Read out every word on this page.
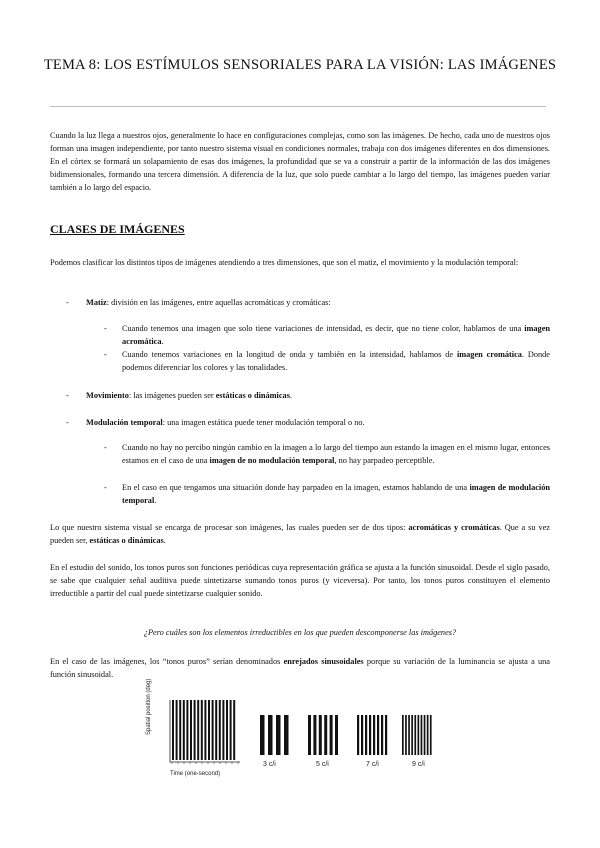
TEMA 8: LOS ESTÍMULOS SENSORIALES PARA LA VISIÓN: LAS IMÁGENES

Cuando la luz llega a nuestros ojos, generalmente lo hace en configuraciones complejas, como son las imágenes. De hecho, cada uno de nuestros ojos forman una imagen independiente, por tanto nuestro sistema visual en condiciones normales, trabaja con dos imágenes diferentes en dos dimensiones. En el córtex se formará un solapamiento de esas dos imágenes, la profundidad que se va a construir a partir de la información de las dos imágenes bidimensionales, formando una tercera dimensión. A diferencia de la luz, que solo puede cambiar a lo largo del tiempo, las imágenes pueden variar también a lo largo del espacio.

CLASES DE IMÁGENES

Podemos clasificar los distintos tipos de imágenes atendiendo a tres dimensiones, que son el matiz, el movimiento y la modulación temporal:

- Matiz: división en las imágenes, entre aquellas acromáticas y cromáticas:

- Cuando tenemos una imagen que solo tiene variaciones de intensidad, es decir, que no tiene color, hablamos de una imagen acromática.

- Cuando tenemos variaciones en la longitud de onda y también en la intensidad, hablamos de imagen cromática. Donde podemos diferenciar los colores y las tonalidades.

- Movimiento: las imágenes pueden ser estáticas o dinámicas.

- Modulación temporal: una imagen estática puede tener modulación temporal o no.

- Cuando no hay no percibo ningún cambio en la imagen a lo largo del tiempo aun estando la imagen en el mismo lugar, entonces estamos en el caso de una imagen de no modulación temporal, no hay parpadeo perceptible.

- En el caso en que tengamos una situación donde hay parpadeo en la imagen, estamos hablando de una imagen de modulación temporal.

Lo que nuestro sistema visual se encarga de procesar son imágenes, las cuales pueden ser de dos tipos: acromáticas y cromáticas. Que a su vez pueden ser, estáticas o dinámicas.

En el estudio del sonido, los tonos puros son funciones periódicas cuya representación gráfica se ajusta a la función sinusoidal. Desde el siglo pasado, se sabe que cualquier señal auditiva puede sintetizarse sumando tonos puros (y viceversa). Por tanto, los tonos puros constituyen el elemento irreductible a partir del cual puede sintetizarse cualquier sonido.

¿Pero cuáles son los elementos irreductibles en los que pueden descomponerse las imágenes?

En el caso de las imágenes, los “tonos puros” serían denominados enrejados sinusoidales porque su variación de la luminancia se ajusta a una función sinusoidal.

Spatial position (deg)
Time (one-second)
3 c/i	5 c/i	7 c/i	9 c/i
